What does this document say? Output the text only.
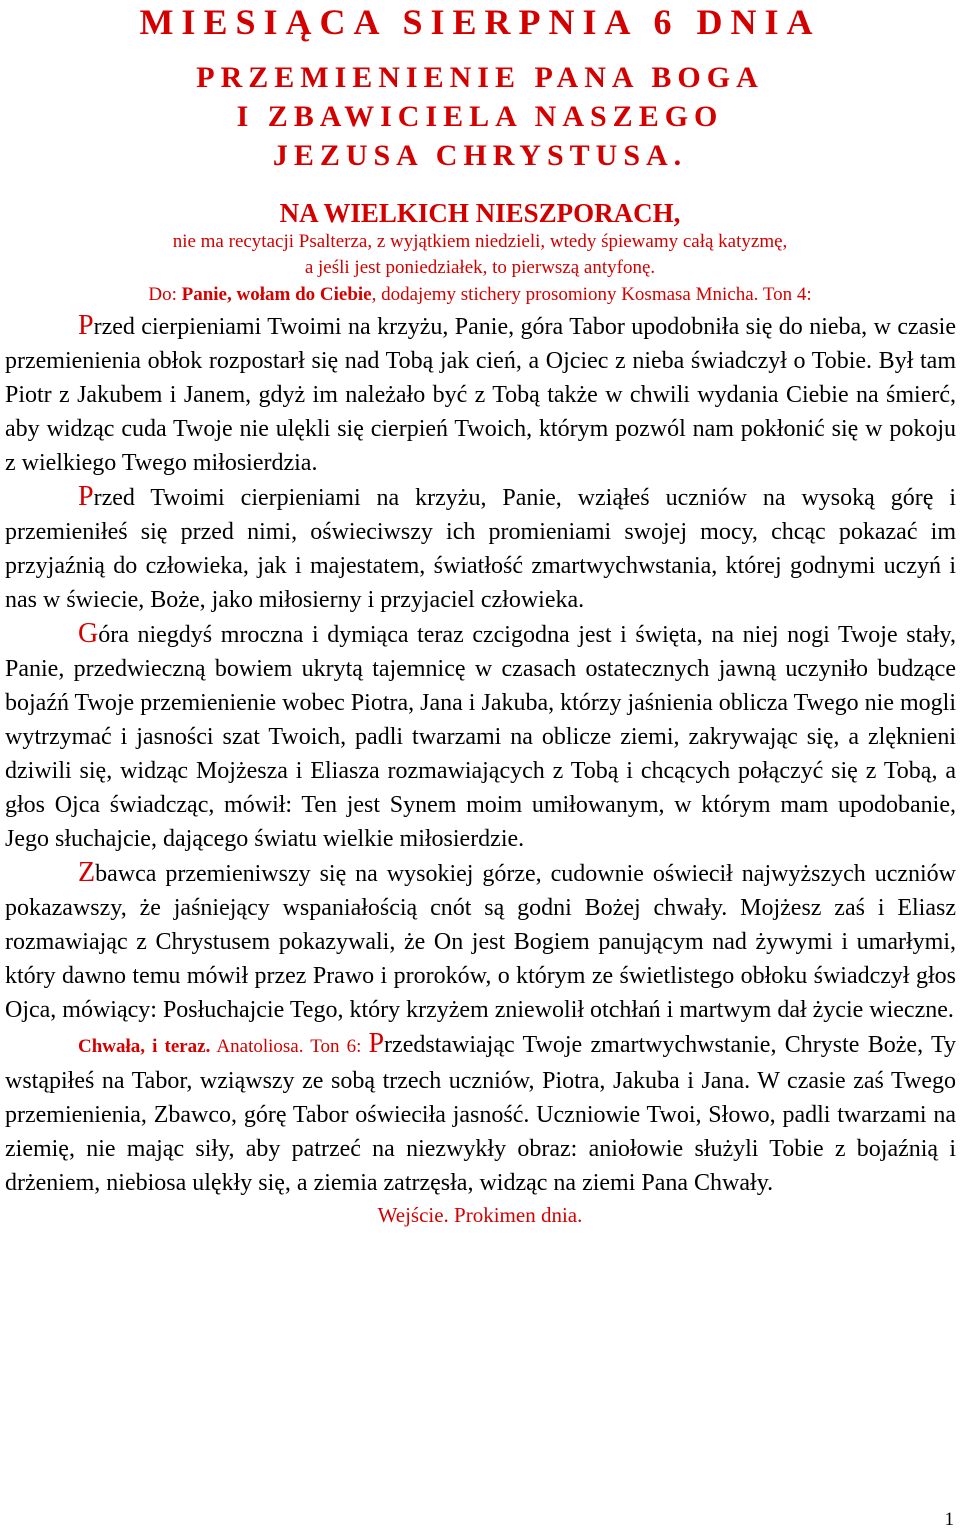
MIESIĄCA SIERPNIA 6 DNIA
PRZEMIENIENIE PANA BOGA
I ZBAWICIELA NASZEGO
JEZUSA CHRYSTUSA.
NA WIELKICH NIESZPORACH,
nie ma recytacji Psalterza, z wyjątkiem niedzieli, wtedy śpiewamy całą katyzmę,
a jeśli jest poniedziałek, to pierwszą antyfonę.
Do: Panie, wołam do Ciebie, dodajemy stichery prosomiony Kosmasa Mnicha. Ton 4:

Przed cierpieniami Twoimi na krzyżu, Panie, góra Tabor upodobniła się do nieba, w czasie przemienienia obłok rozpostarł się nad Tobą jak cień, a Ojciec z nieba świadczył o Tobie. Był tam Piotr z Jakubem i Janem, gdyż im należało być z Tobą także w chwili wydania Ciebie na śmierć, aby widząc cuda Twoje nie ulękli się cierpień Twoich, którym pozwól nam pokłonić się w pokoju z wielkiego Twego miłosierdzia.

Przed Twoimi cierpieniami na krzyżu, Panie, wziąłeś uczniów na wysoką górę i przemieniłeś się przed nimi, oświeciwszy ich promieniami swojej mocy, chcąc pokazać im przyjaźnią do człowieka, jak i majestatem, światłość zmartwychwstania, której godnymi uczyń i nas w świecie, Boże, jako miłosierny i przyjaciel człowieka.

Góra niegdyś mroczna i dymiąca teraz czcigodna jest i święta, na niej nogi Twoje stały, Panie, przedwieczną bowiem ukrytą tajemnicę w czasach ostatecznych jawną uczyniło budzące bojaźń Twoje przemienienie wobec Piotra, Jana i Jakuba, którzy jaśnienia oblicza Twego nie mogli wytrzymać i jasności szat Twoich, padli twarzami na oblicze ziemi, zakrywając się, a zlęknieni dziwili się, widząc Mojżesza i Eliasza rozmawiających z Tobą i chcących połączyć się z Tobą, a głos Ojca świadcząc, mówił: Ten jest Synem moim umiłowanym, w którym mam upodobanie, Jego słuchajcie, dającego światu wielkie miłosierdzie.

Zbawca przemieniwszy się na wysokiej górze, cudownie oświecił najwyższych uczniów pokazawszy, że jaśniejący wspaniałością cnót są godni Bożej chwały. Mojżesz zaś i Eliasz rozmawiając z Chrystusem pokazywali, że On jest Bogiem panującym nad żywymi i umarłymi, który dawno temu mówił przez Prawo i proroków, o którym ze świetlistego obłoku świadczył głos Ojca, mówiący: Posłuchajcie Tego, który krzyżem zniewolił otchłań i martwym dał życie wieczne.

Chwała, i teraz. Anatoliosa. Ton 6: Przedstawiając Twoje zmartwychwstanie, Chryste Boże, Ty wstąpiłeś na Tabor, wziąwszy ze sobą trzech uczniów, Piotra, Jakuba i Jana. W czasie zaś Twego przemienienia, Zbawco, górę Tabor oświeciła jasność. Uczniowie Twoi, Słowo, padli twarzami na ziemię, nie mając siły, aby patrzeć na niezwykły obraz: aniołowie służyli Tobie z bojaźnią i drżeniem, niebiosa ulękły się, a ziemia zatrzęsła, widząc na ziemi Pana Chwały.

Wejście. Prokimen dnia.
1
